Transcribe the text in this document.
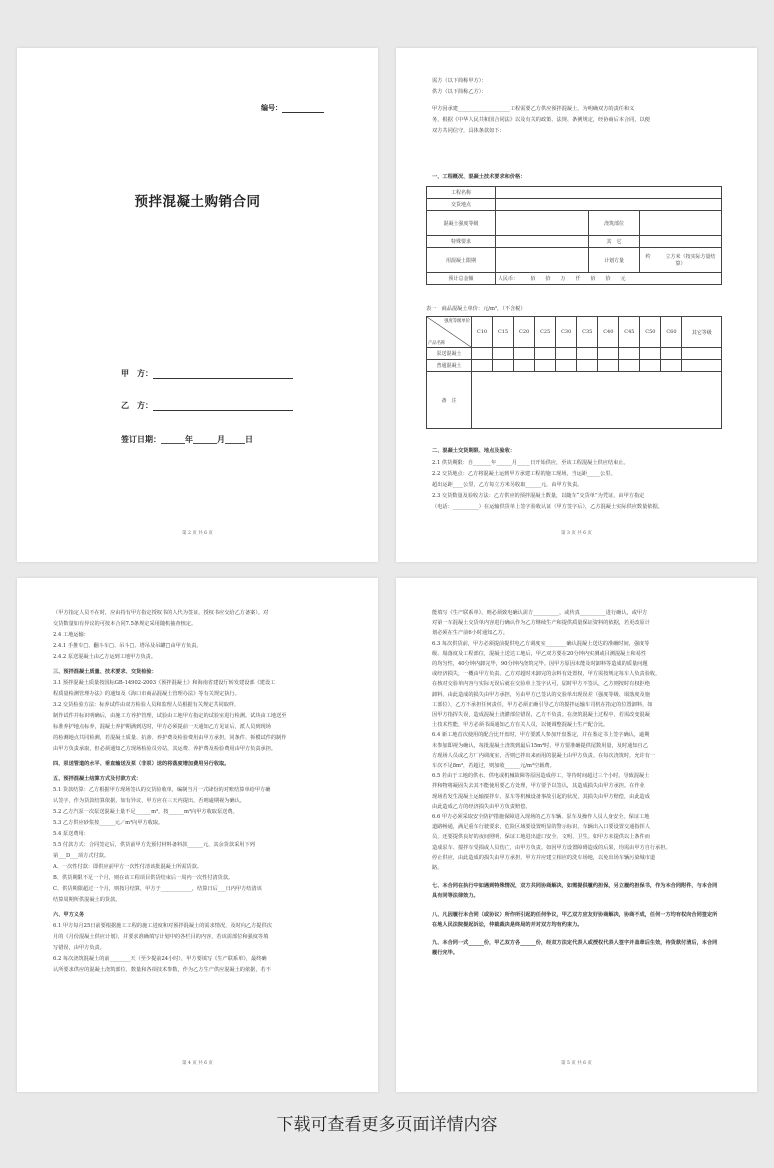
编号：
预拌混凝土购销合同
甲　方：
乙　方：
签订日期：______年______月_____日
第 2 页 共 6 页
需方（以下简称甲方）：
供方（以下简称乙方）：
甲方因承建____________________工程需要乙方供应预拌混凝土，为明确双方的责任和义
务，根据《中华人民共和国合同法》以及有关的政策、法规、条例规定，经协商后本合同，以便
双方共同信守，具体条款如下：
一、工程概况、混凝土技术要求和价格：
工程名称			
交货地点			
混凝土强度等级		浇筑部位	
特殊要求		其　它	
用混凝土限期		计划方量	约　　　立方米（按实际方量结算）
预计总金额	人民币：　　　佰　　拾　　万　　仟　　佰　　拾　　元		
表一　商品混凝土单价：元/m³，（不含税）
强度等级单价
产品名称	C10	C15	C20	C25	C30	C35	C40	C45	C50	C60	其它等级
泵送混凝土											
普通混凝土											
备　注											
二、混凝土交货期限、地点及验收：
2.1 供货期限：自_______年______月_____日开始供应，至该工程混凝土供应结束止。
2.2 交货地点：乙方将混凝土运到甲方承建工程的施工现场，当运距_____公里。
超出运距____公里，乙方每立方米另收取______元，由甲方负责。
2.3 交货数量及验收方法：乙方供应的预拌混凝土数量，以随车“交货单”为凭证，由甲方指定
（电话：__________）在运输供货单上签字验收认证（甲方签字后），乙方混凝土实际供应数量依据。
第 3 页 共 6 页
（甲方指定人员不在时，应由持有甲方指定授权书的人代为签证，授权书应交给乙方备案）。对
交货数量如有异议的可按本合同7.5条规定采用随机抽查核定。
2.4 工地运输：
2.4.1 手推车□、翻斗车□、吊斗□、塔吊及吊罐□由甲方负责。
2.4.2 泵送混凝土由乙方运到工地甲方负责。
三、预拌混凝土质量、技术要求、交货检验：
3.1 预拌混凝土质量按国标GB-14902-2003《预拌混凝土》和海南省建设厅转发建设部《建设工
程质量检测管理办法》的通知及《海口市商品混凝土管理办法》等有关规定执行。
3.2 交货检验方法：标养试件由双方检验人员和监理人员根据有关规定共同取样，
制作试件并标识明确后，由施工方养护管理，试验由工地甲方指定的试验室进行检测。试块由工地送至
标准养护地点标养，混凝土养护期满到达时，甲方必须提前一天通知乙方见证后，派人员到现场
的检测地点共同检测，若混凝土质量、抗渗、养护费及检验费用由甲方承担。同条件、拆模试件的制作
由甲方负责承取，但必须通知乙方现场检验员旁站，其运费、养护费及检验费用由甲方负责承担。
四、泵送管道的水平、垂直输送及泵（非泵）送的将落度增加费用另行收取。
五、预拌混凝土结算方式及付款方式：
5.1 货款结算：乙方根据甲方现场签认的交货验收单，编制当月一式肆份的对账结算单给甲方确
认签字，作为货款结算依据，如有异议，甲方应在三天内提出，否则逾期视为确认。
5.2 乙方汽泵一次泵送混凝土量不足______m³，按______m³向甲方收取泵送费。
5.3 乙方供应砂浆按______元／m³向甲方收取。
5.4 泵送费用：
5.5 付款方式：合同签定后，供货前甲方先预付材料备料款______元，其余货款采用下列
第___D___项方式付款。
A、一次性付款：即供应前甲方一次性付清该批混凝土所需货款。
B、供货期限不足一个月，则在该工程项目供货结束后一周内一次性付清货款。
C、供货期限超过一个月，则按月结算，甲方于____________，结算日后___日内甲方结清该
结算周期所供混凝土的货款。
六、甲方义务
6.1 甲方每月25日前要根据施工工程的施工进度和对预拌混凝土的需求情况，及时向乙方提供次
月的《月份混凝土供应计划》，并要求准确填写计划中的各栏目的内容，若该需部位和强度等填
写错误，由甲方负责。
6.2 每次浇筑混凝土的前________天（至少提前24小时），甲方要填写《生产联系单》，最终确
认所要求供应的混凝土浇筑部位、数量和各项技术参数，作为乙方生产供应混凝土的依据，若不
第 4 页 共 6 页
能填写《生产联系单》，则必须致电确认需方__________，或传真__________进行确认，或甲方
对第一车混凝土交货单内容进行确认作为乙方继续生产和提供质量保证资料的依据，若更改原计
划必须在生产前6小时通知乙方。
6.3 每次供货前，甲方必须提前提供电乙方调度室________确认混凝土送达的准确时间，强度等
级、塌落度及工程部位，混凝土送达工地后，甲乙双方要在20分钟内实测或目测混凝土和易性
的均匀性，40分钟内卸完毕，90分钟内浇筑完毕。因甲方原因未能及时卸料等造成的质量问题
或经济损失，一概由甲方负责。乙方对超时未卸完的余料有处置权，甲方需按规定每车人负责验收，
在核对交验单内容与实际无误后就在交验单上签字认可，届时甲方不签认，乙方则按时有权拒绝
卸料，由此造成的损失由甲方承担，另由甲方已签认的交验单出现误差（强度等级、塌落度及施
工部位），乙方不承担任何责任，甲方必须正确引导乙方的搅拌运输车司机在指定的位置卸料，如
因甲方指挥失误，造成混凝土浇灌部位错误，乙方不负责。在浇筑混凝土过程中，若需改变混凝
土技术性能，甲方必须书面通知乙方有关人员，以便调整混凝土生产配合比。
6.4 新工地首次使用的配合比开盘时，甲方要派人参加开盘鉴定，并在鉴定书上签字确认，逾期
未参加即视为确认，每批混凝土浇筑到最后15m³时，甲方要准确提供尾数用量，及时通知自乙
方现场人员或乙方厂内调度室，否则已拌出来而用的混凝土由甲方负责。在每次浇筑时，允许有一
车次不足8m³，若超过，则加收______元/m³空载费。
6.5 若由于工地的供水、供电或机械故障等原因造成停工，等待时间超过三个小时，导致混凝土
拌和物将凝固失去其不能使用要乙方处理，甲方要予以签认，其造成损失由甲方承担。在作业
现场若发生混凝土运输搅拌车、泵车等机械设备事故引起的状况，其损失由甲方赔偿，由此造成
由此造成乙方的经济损失由甲方负责赔偿。
6.6 甲方必须采取安全防护措施保障进入现场的乙方车辆、泵车及操作人员人身安全。保证工地
道路畅通，满足重车行驶要求，危险区域要设置明显的警示标识，车辆出入口要设置交通指挥人
员，还要提供良好的夜间照明，保证工地进出道口安全、文明、卫生。如甲方未提供以上条件而
造成泵车、搅拌车受损或人员伤亡，由甲方负责。如因甲方设置障碍造成的后果，均需由甲方自行承担。
停止供应，由此造成的损失由甲方承担，甲方并应建立相应的洗车场地，以免出场车辆污染城市道
路。
七、本合同在执行中如遇到特殊情况，双方共同协商解决，如需提供履约担保，另立履约担保书，作为本合同附件，与本合同具有同等法律效力。
八、凡因履行本合同（或协议）所作所引起的任何争议，甲乙双方应友好协商解决，协商不成，任何一方均有权向合同签定所在地人民法院提起诉讼，仲裁裁决是终局的并对双方均有约束力。
九、本合同一式______份，甲乙双方各______份，经双方法定代表人或授权代表人签字并盖章后生效，待货款付清后，本合同履行完毕。
第 5 页 共 6 页
下载可查看更多页面详情内容
